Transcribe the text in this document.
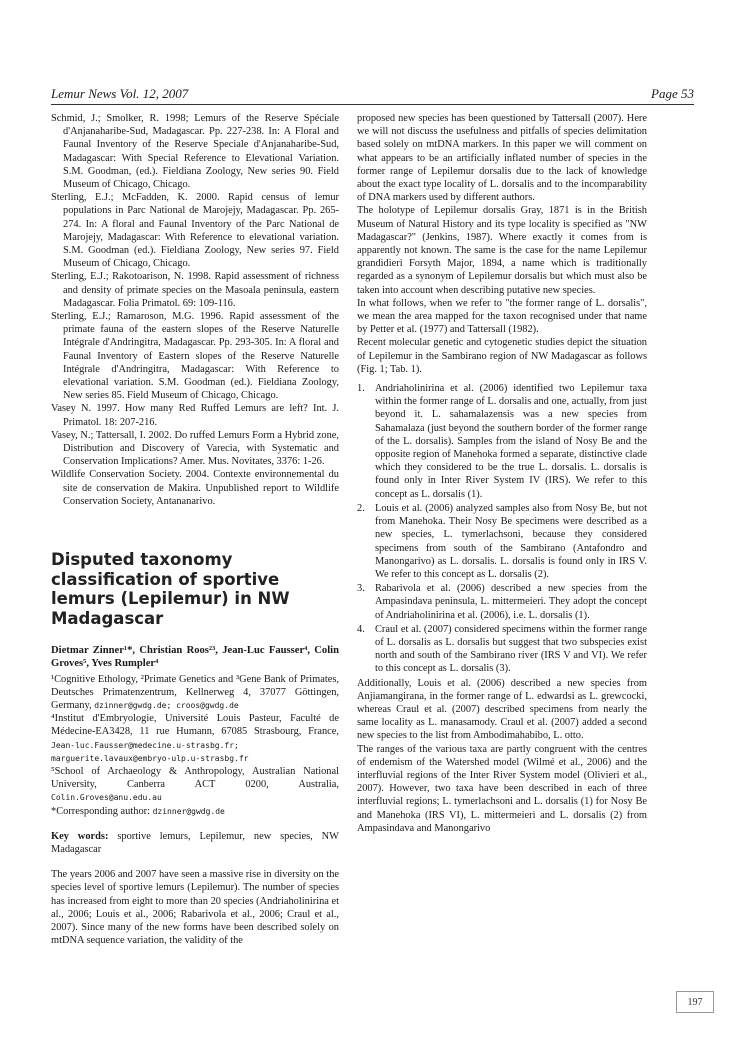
Lemur News Vol. 12, 2007	Page 53

Schmid, J.; Smolker, R. 1998; Lemurs of the Reserve Spéciale d'Anjanaharibe-Sud, Madagascar. Pp. 227-238. In: A Floral and Faunal Inventory of the Reserve Speciale d'Anjanaharibe-Sud, Madagascar: With Special Reference to Elevational Variation. S.M. Goodman, (ed.). Fieldiana Zoology, New series 90. Field Museum of Chicago, Chicago.

Sterling, E.J.; McFadden, K. 2000. Rapid census of lemur populations in Parc National de Marojejy, Madagascar. Pp. 265-274. In: A floral and Faunal Inventory of the Parc National de Marojejy, Madagascar: With Reference to elevational variation. S.M. Goodman (ed.). Fieldiana Zoology, New series 97. Field Museum of Chicago, Chicago.

Sterling, E.J.; Rakotoarison, N. 1998. Rapid assessment of richness and density of primate species on the Masoala peninsula, eastern Madagascar. Folia Primatol. 69: 109-116.

Sterling, E.J.; Ramaroson, M.G. 1996. Rapid assessment of the primate fauna of the eastern slopes of the Reserve Naturelle Intégrale d'Andringitra, Madagascar. Pp. 293-305. In: A floral and Faunal Inventory of Eastern slopes of the Reserve Naturelle Intégrale d'Andringitra, Madagascar: With Reference to elevational variation. S.M. Goodman (ed.). Fieldiana Zoology, New series 85. Field Museum of Chicago, Chicago.

Vasey N. 1997. How many Red Ruffed Lemurs are left? Int. J. Primatol. 18: 207-216.

Vasey, N.; Tattersall, I. 2002. Do ruffed Lemurs Form a Hybrid zone, Distribution and Discovery of Varecia, with Systematic and Conservation Implications? Amer. Mus. Novitates, 3376: 1-26.

Wildlife Conservation Society. 2004. Contexte environnemental du site de conservation de Makira. Unpublished report to Wildlife Conservation Society, Antananarivo.

Disputed taxonomy classification of sportive lemurs (Lepilemur) in NW Madagascar

Dietmar Zinner¹*, Christian Roos²³, Jean-Luc Fausser⁴, Colin Groves⁵, Yves Rumpler⁴

¹Cognitive Ethology, ²Primate Genetics and ³Gene Bank of Primates, Deutsches Primatenzentrum, Kellnerweg 4, 37077 Göttingen, Germany, dzinner@gwdg.de; croos@gwdg.de

⁴Institut d'Embryologie, Université Louis Pasteur, Faculté de Médecine-EA3428, 11 rue Humann, 67085 Strasbourg, France, Jean-luc.Fausser@medecine.u-strasbg.fr; marguerite.lavaux@embryo-ulp.u-strasbg.fr

⁵School of Archaeology & Anthropology, Australian National University, Canberra ACT 0200, Australia, Colin.Groves@anu.edu.au

*Corresponding author: dzinner@gwdg.de

Key words: sportive lemurs, Lepilemur, new species, NW Madagascar

The years 2006 and 2007 have seen a massive rise in diversity on the species level of sportive lemurs (Lepilemur). The number of species has increased from eight to more than 20 species (Andriaholinirina et al., 2006; Louis et al., 2006; Rabarivola et al., 2006; Craul et al., 2007). Since many of the new forms have been described solely on mtDNA sequence variation, the validity of the

proposed new species has been questioned by Tattersall (2007). Here we will not discuss the usefulness and pitfalls of species delimitation based solely on mtDNA markers. In this paper we will comment on what appears to be an artificially inflated number of species in the former range of Lepilemur dorsalis due to the lack of knowledge about the exact type locality of L. dorsalis and to the incomparability of DNA markers used by different authors.

The holotype of Lepilemur dorsalis Gray, 1871 is in the British Museum of Natural History and its type locality is specified as "NW Madagascar?" (Jenkins, 1987). Where exactly it comes from is apparently not known. The same is the case for the name Lepilemur grandidieri Forsyth Major, 1894, a name which is traditionally regarded as a synonym of Lepilemur dorsalis but which must also be taken into account when describing putative new species.

In what follows, when we refer to "the former range of L. dorsalis", we mean the area mapped for the taxon recognised under that name by Petter et al. (1977) and Tattersall (1982).

Recent molecular genetic and cytogenetic studies depict the situation of Lepilemur in the Sambirano region of NW Madagascar as follows (Fig. 1; Tab. 1).

1. Andriaholinirina et al. (2006) identified two Lepilemur taxa within the former range of L. dorsalis and one, actually, from just beyond it. L. sahamalazensis was a new species from Sahamalaza (just beyond the southern border of the former range of the L. dorsalis). Samples from the island of Nosy Be and the opposite region of Manehoka formed a separate, distinctive clade which they considered to be the true L. dorsalis. L. dorsalis is found only in Inter River System IV (IRS). We refer to this concept as L. dorsalis (1).
2. Louis et al. (2006) analyzed samples also from Nosy Be, but not from Manehoka. Their Nosy Be specimens were described as a new species, L. tymerlachsoni, because they considered specimens from south of the Sambirano (Antafondro and Manongarivo) as L. dorsalis. L. dorsalis is found only in IRS V. We refer to this concept as L. dorsalis (2).
3. Rabarivola et al. (2006) described a new species from the Ampasindava peninsula, L. mittermeieri. They adopt the concept of Andriaholinirina et al. (2006), i.e. L. dorsalis (1).
4. Craul et al. (2007) considered specimens within the former range of L. dorsalis as L. dorsalis but suggest that two subspecies exist north and south of the Sambirano river (IRS V and VI). We refer to this concept as L. dorsalis (3).

Additionally, Louis et al. (2006) described a new species from Anjiamangirana, in the former range of L. edwardsi as L. grewcocki, whereas Craul et al. (2007) described specimens from nearly the same locality as L. manasamody. Craul et al. (2007) added a second new species to the list from Ambodimahabibo, L. otto.

The ranges of the various taxa are partly congruent with the centres of endemism of the Watershed model (Wilmé et al., 2006) and the interfluvial regions of the Inter River System model (Olivieri et al., 2007). However, two taxa have been described in each of three interfluvial regions; L. tymerlachsoni and L. dorsalis (1) for Nosy Be and Manehoka (IRS VI), L. mittermeieri and L. dorsalis (2) from Ampasindava and Manongarivo

197
